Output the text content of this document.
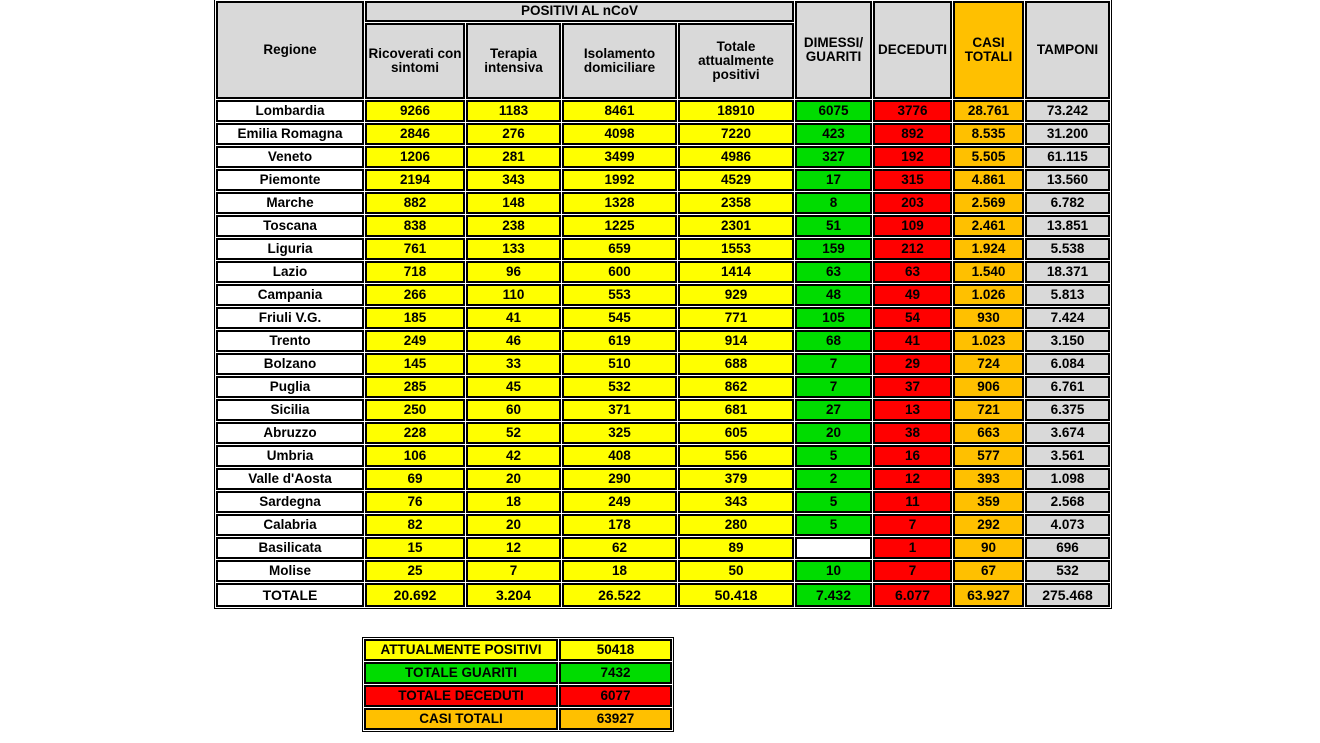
Regione	POSITIVI AL nCoV				DIMESSI/ GUARITI	DECEDUTI	CASI TOTALI	TAMPONI
	Ricoverati con sintomi	Terapia intensiva	Isolamento domiciliare	Totale attualmente positivi				
Lombardia	9266	1183	8461	18910	6075	3776	28.761	73.242
Emilia Romagna	2846	276	4098	7220	423	892	8.535	31.200
Veneto	1206	281	3499	4986	327	192	5.505	61.115
Piemonte	2194	343	1992	4529	17	315	4.861	13.560
Marche	882	148	1328	2358	8	203	2.569	6.782
Toscana	838	238	1225	2301	51	109	2.461	13.851
Liguria	761	133	659	1553	159	212	1.924	5.538
Lazio	718	96	600	1414	63	63	1.540	18.371
Campania	266	110	553	929	48	49	1.026	5.813
Friuli V.G.	185	41	545	771	105	54	930	7.424
Trento	249	46	619	914	68	41	1.023	3.150
Bolzano	145	33	510	688	7	29	724	6.084
Puglia	285	45	532	862	7	37	906	6.761
Sicilia	250	60	371	681	27	13	721	6.375
Abruzzo	228	52	325	605	20	38	663	3.674
Umbria	106	42	408	556	5	16	577	3.561
Valle d'Aosta	69	20	290	379	2	12	393	1.098
Sardegna	76	18	249	343	5	11	359	2.568
Calabria	82	20	178	280	5	7	292	4.073
Basilicata	15	12	62	89		1	90	696
Molise	25	7	18	50	10	7	67	532
TOTALE	20.692	3.204	26.522	50.418	7.432	6.077	63.927	275.468
ATTUALMENTE POSITIVI	50418
TOTALE GUARITI	7432
TOTALE DECEDUTI	6077
CASI TOTALI	63927
